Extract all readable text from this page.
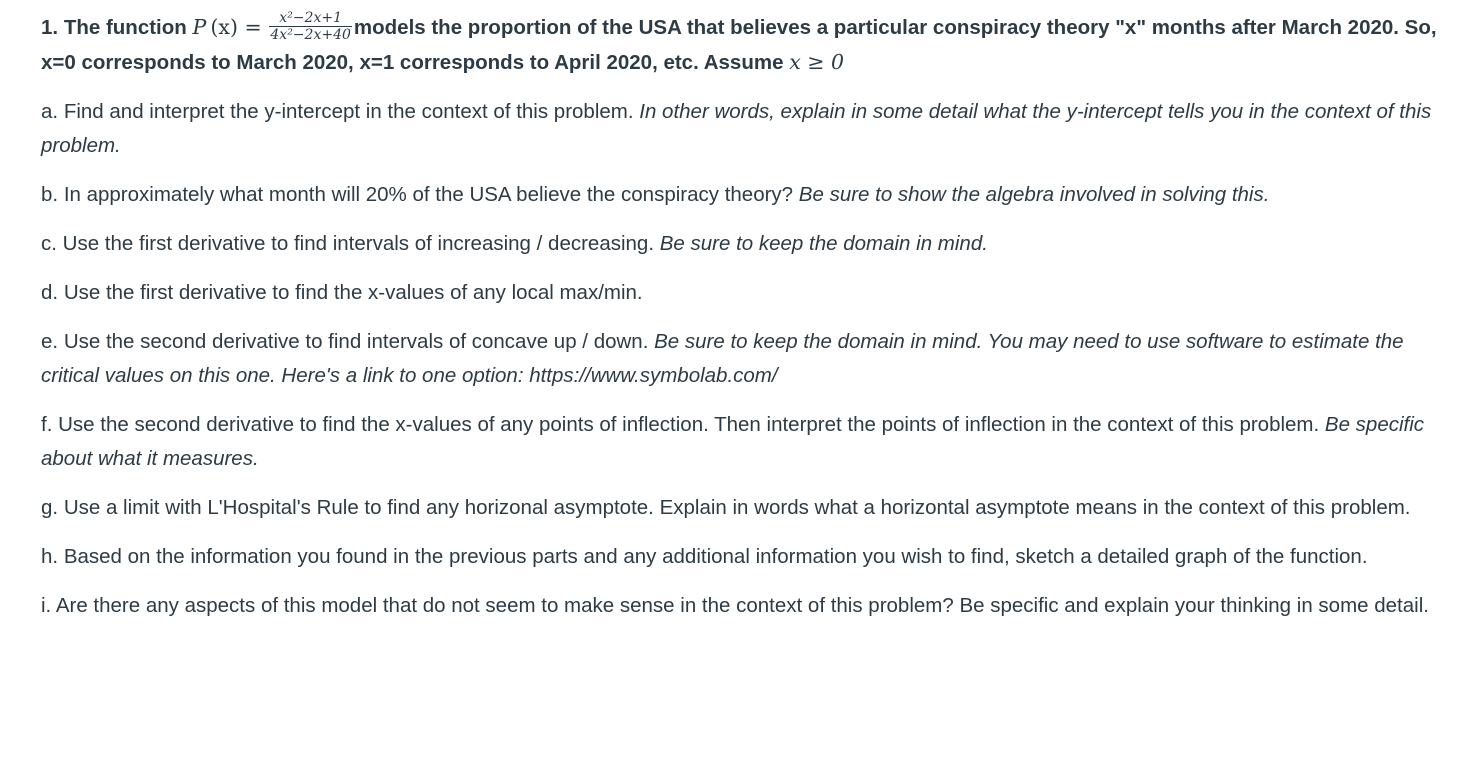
1. The function P  $(x) = \frac{\text{x²−2x+1}}{\text{4x²−2x+40}}$ models the proportion of the USA that believes a particular conspiracy theory "x" months after March 2020. So, x=0 corresponds to March 2020, x=1 corresponds to April 2020, etc. Assume x ≥ 0

a. Find and interpret the y-intercept in the context of this problem. In other words, explain in some detail what the y-intercept tells you in the context of this problem.

b. In approximately what month will 20% of the USA believe the conspiracy theory? Be sure to show the algebra involved in solving this.

c. Use the first derivative to find intervals of increasing / decreasing. Be sure to keep the domain in mind.

d. Use the first derivative to find the x-values of any local max/min.

e. Use the second derivative to find intervals of concave up / down. Be sure to keep the domain in mind. You may need to use software to estimate the critical values on this one. Here's a link to one option: https://www.symbolab.com/

f. Use the second derivative to find the x-values of any points of inflection. Then interpret the points of inflection in the context of this problem. Be specific about what it measures.

g. Use a limit with L'Hospital's Rule to find any horizonal asymptote. Explain in words what a horizontal asymptote means in the context of this problem.

h. Based on the information you found in the previous parts and any additional information you wish to find, sketch a detailed graph of the function.

i. Are there any aspects of this model that do not seem to make sense in the context of this problem? Be specific and explain your thinking in some detail.
